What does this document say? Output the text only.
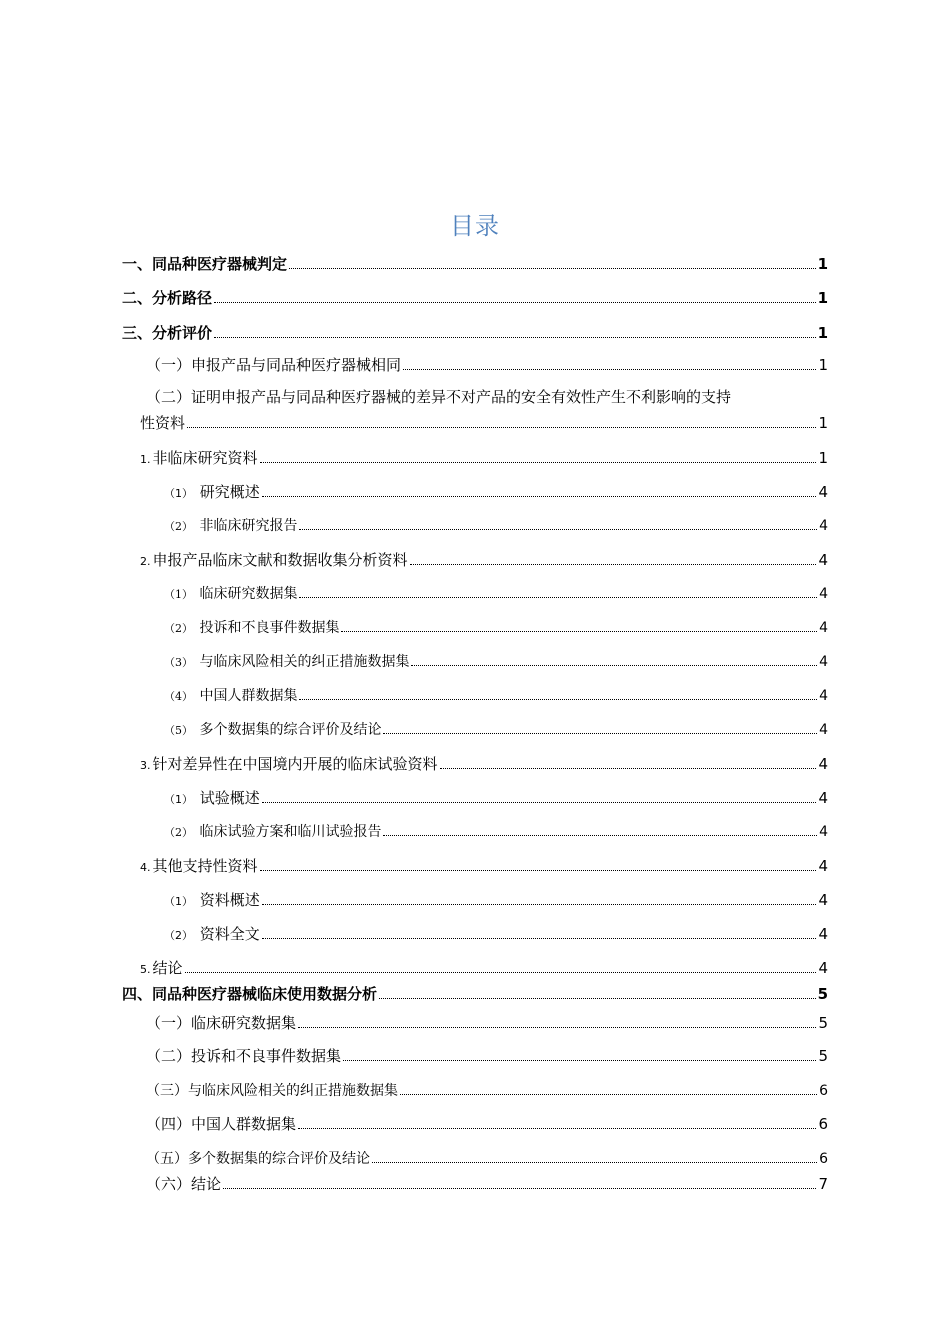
目录
一、同品种医疗器械判定	1
二、分析路径	1
三、分析评价	1
（一）申报产品与同品种医疗器械相同	1
（二）证明申报产品与同品种医疗器械的差异不对产品的安全有效性产生不利影响的支持
性资料	1
1. 非临床研究资料	1
（1） 研究概述	4
（2） 非临床研究报告	4
2. 申报产品临床文献和数据收集分析资料	4
（1） 临床研究数据集	4
（2） 投诉和不良事件数据集	4
（3） 与临床风险相关的纠正措施数据集	4
（4） 中国人群数据集	4
（5） 多个数据集的综合评价及结论	4
3. 针对差异性在中国境内开展的临床试验资料	4
（1） 试验概述	4
（2） 临床试验方案和临川试验报告	4
4. 其他支持性资料	4
（1） 资料概述	4
（2） 资料全文	4
5. 结论	4
四、同品种医疗器械临床使用数据分析	5
（一）临床研究数据集	5
（二）投诉和不良事件数据集	5
（三）与临床风险相关的纠正措施数据集	6
（四）中国人群数据集	6
（五）多个数据集的综合评价及结论	6
（六）结论	7
